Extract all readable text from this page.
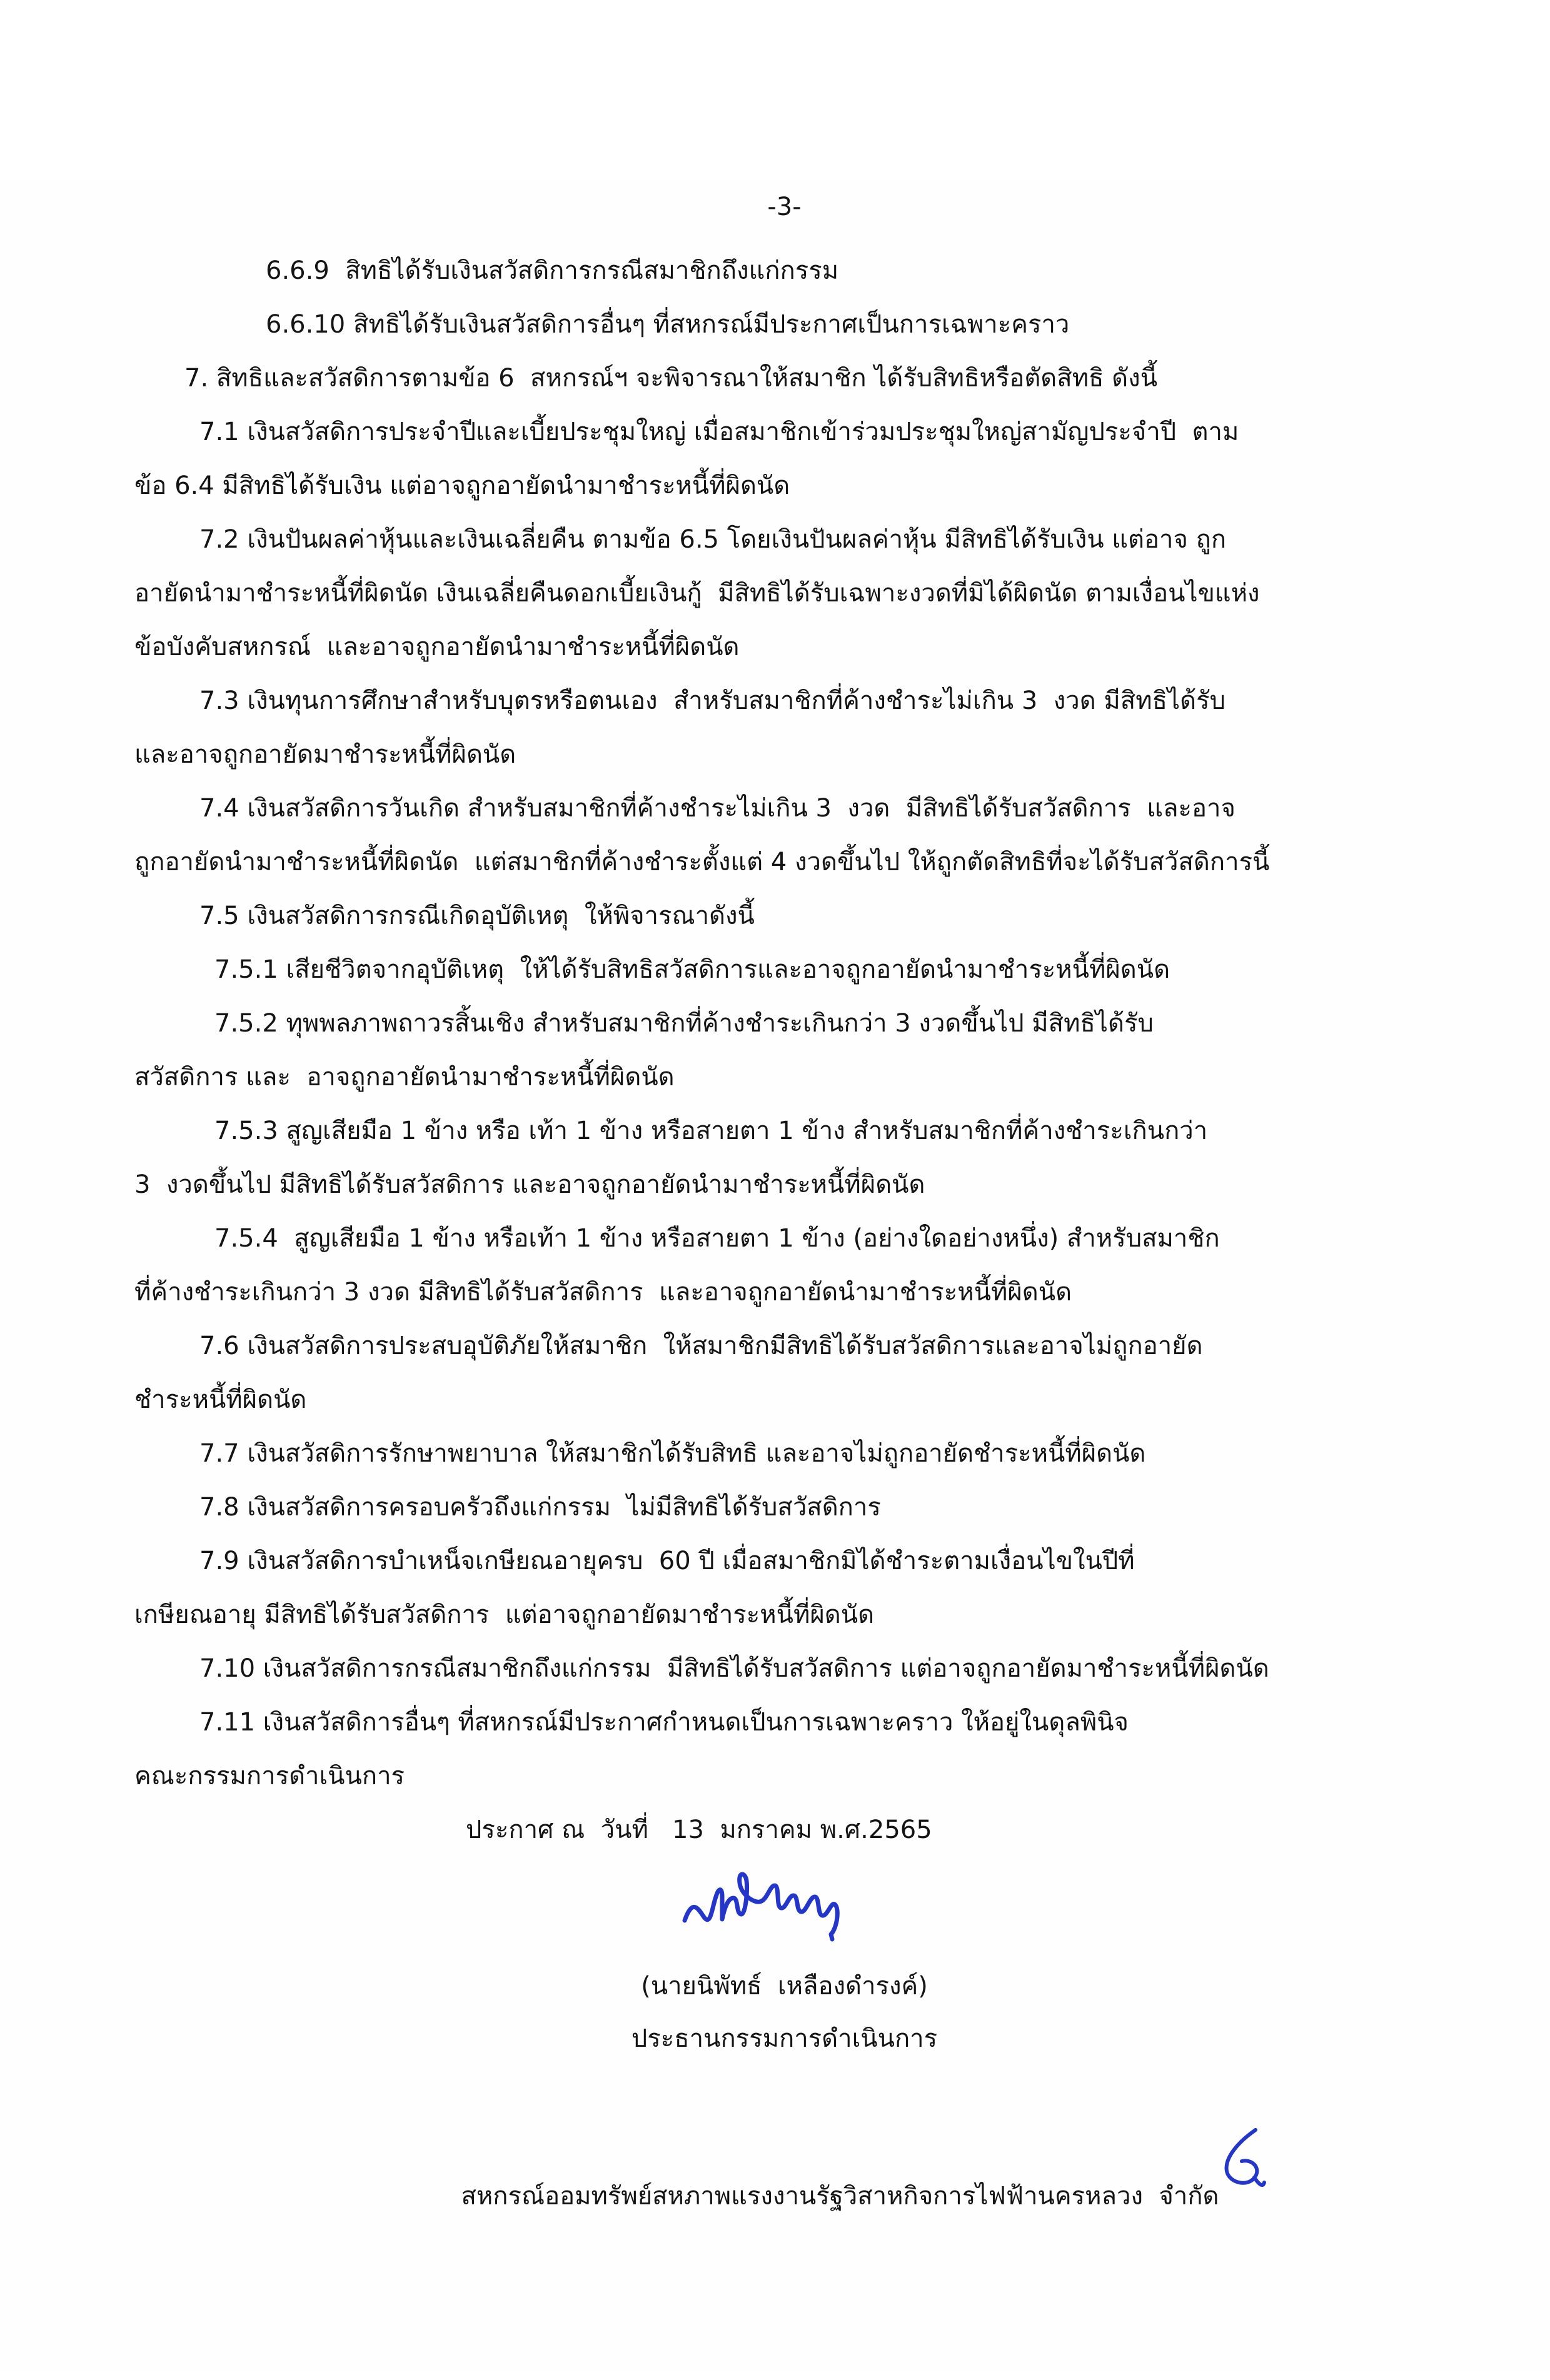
-3-
6.6.9  สิทธิได้รับเงินสวัสดิการกรณีสมาชิกถึงแก่กรรม
6.6.10 สิทธิได้รับเงินสวัสดิการอื่นๆ ที่สหกรณ์มีประกาศเป็นการเฉพาะคราว
7. สิทธิและสวัสดิการตามข้อ 6  สหกรณ์ฯ จะพิจารณาให้สมาชิก ได้รับสิทธิหรือตัดสิทธิ ดังนี้
7.1 เงินสวัสดิการประจำปีและเบี้ยประชุมใหญ่ เมื่อสมาชิกเข้าร่วมประชุมใหญ่สามัญประจำปี  ตาม
ข้อ 6.4 มีสิทธิได้รับเงิน แต่อาจถูกอายัดนำมาชำระหนี้ที่ผิดนัด
7.2 เงินปันผลค่าหุ้นและเงินเฉลี่ยคืน ตามข้อ 6.5 โดยเงินปันผลค่าหุ้น มีสิทธิได้รับเงิน แต่อาจ ถูก
อายัดนำมาชำระหนี้ที่ผิดนัด เงินเฉลี่ยคืนดอกเบี้ยเงินกู้  มีสิทธิได้รับเฉพาะงวดที่มิได้ผิดนัด ตามเงื่อนไขแห่ง
ข้อบังคับสหกรณ์  และอาจถูกอายัดนำมาชำระหนี้ที่ผิดนัด
7.3 เงินทุนการศึกษาสำหรับบุตรหรือตนเอง  สำหรับสมาชิกที่ค้างชำระไม่เกิน 3  งวด มีสิทธิได้รับ
และอาจถูกอายัดมาชำระหนี้ที่ผิดนัด
7.4 เงินสวัสดิการวันเกิด สำหรับสมาชิกที่ค้างชำระไม่เกิน 3  งวด  มีสิทธิได้รับสวัสดิการ  และอาจ
ถูกอายัดนำมาชำระหนี้ที่ผิดนัด  แต่สมาชิกที่ค้างชำระตั้งแต่ 4 งวดขึ้นไป ให้ถูกตัดสิทธิที่จะได้รับสวัสดิการนี้
7.5 เงินสวัสดิการกรณีเกิดอุบัติเหตุ  ให้พิจารณาดังนี้
7.5.1 เสียชีวิตจากอุบัติเหตุ  ให้ได้รับสิทธิสวัสดิการและอาจถูกอายัดนำมาชำระหนี้ที่ผิดนัด
7.5.2 ทุพพลภาพถาวรสิ้นเชิง สำหรับสมาชิกที่ค้างชำระเกินกว่า 3 งวดขึ้นไป มีสิทธิได้รับ
สวัสดิการ และ  อาจถูกอายัดนำมาชำระหนี้ที่ผิดนัด
7.5.3 สูญเสียมือ 1 ข้าง หรือ เท้า 1 ข้าง หรือสายตา 1 ข้าง สำหรับสมาชิกที่ค้างชำระเกินกว่า
3  งวดขึ้นไป มีสิทธิได้รับสวัสดิการ และอาจถูกอายัดนำมาชำระหนี้ที่ผิดนัด
7.5.4  สูญเสียมือ 1 ข้าง หรือเท้า 1 ข้าง หรือสายตา 1 ข้าง (อย่างใดอย่างหนึ่ง) สำหรับสมาชิก
ที่ค้างชำระเกินกว่า 3 งวด มีสิทธิได้รับสวัสดิการ  และอาจถูกอายัดนำมาชำระหนี้ที่ผิดนัด
7.6 เงินสวัสดิการประสบอุบัติภัยให้สมาชิก  ให้สมาชิกมีสิทธิได้รับสวัสดิการและอาจไม่ถูกอายัด
ชำระหนี้ที่ผิดนัด
7.7 เงินสวัสดิการรักษาพยาบาล ให้สมาชิกได้รับสิทธิ และอาจไม่ถูกอายัดชำระหนี้ที่ผิดนัด
7.8 เงินสวัสดิการครอบครัวถึงแก่กรรม  ไม่มีสิทธิได้รับสวัสดิการ
7.9 เงินสวัสดิการบำเหน็จเกษียณอายุครบ  60 ปี เมื่อสมาชิกมิได้ชำระตามเงื่อนไขในปีที่
เกษียณอายุ มีสิทธิได้รับสวัสดิการ  แต่อาจถูกอายัดมาชำระหนี้ที่ผิดนัด
7.10 เงินสวัสดิการกรณีสมาชิกถึงแก่กรรม  มีสิทธิได้รับสวัสดิการ แต่อาจถูกอายัดมาชำระหนี้ที่ผิดนัด
7.11 เงินสวัสดิการอื่นๆ ที่สหกรณ์มีประกาศกำหนดเป็นการเฉพาะคราว ให้อยู่ในดุลพินิจ
คณะกรรมการดำเนินการ
ประกาศ ณ  วันที่   13  มกราคม พ.ศ.2565
(นายนิพัทธ์  เหลืองดำรงค์)
ประธานกรรมการดำเนินการ

สหกรณ์ออมทรัพย์สหภาพแรงงานรัฐวิสาหกิจการไฟฟ้านครหลวง  จำกัด
